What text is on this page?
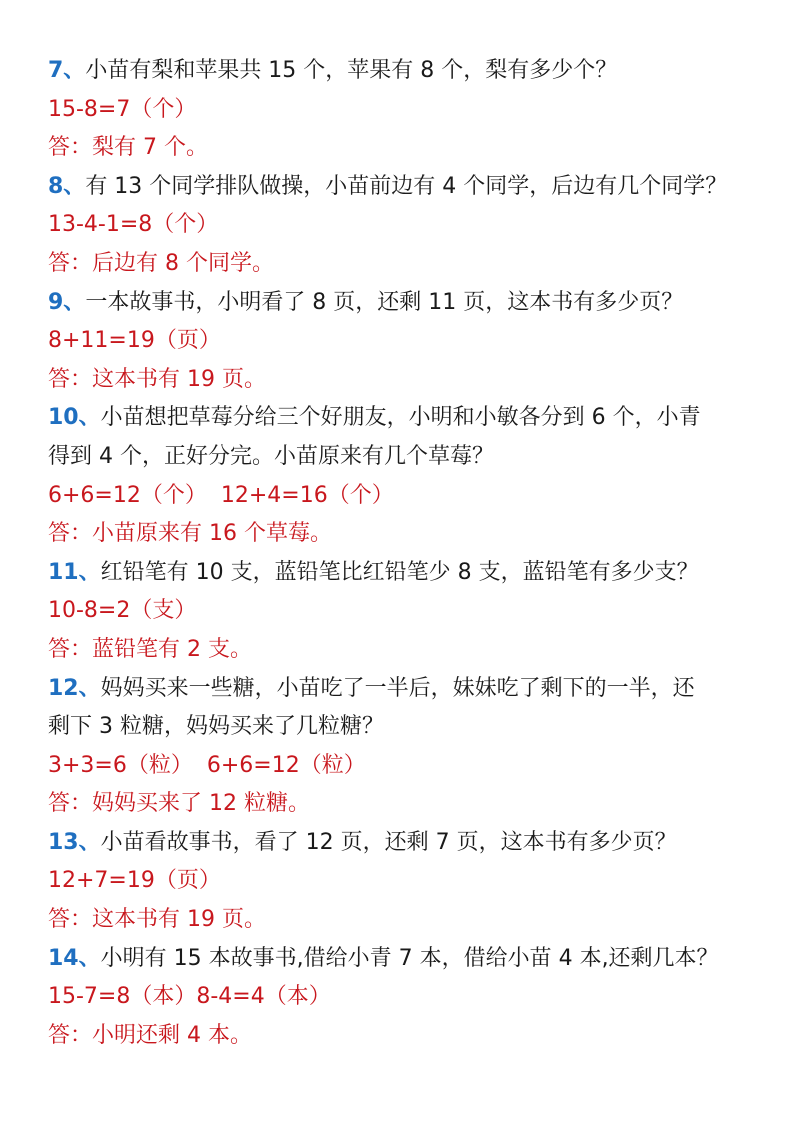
7、小苗有梨和苹果共 15 个，苹果有 8 个，梨有多少个？
15-8=7（个）
答：梨有 7 个。
8、有 13 个同学排队做操，小苗前边有 4 个同学，后边有几个同学？
13-4-1=8（个）
答：后边有 8 个同学。
9、一本故事书，小明看了 8 页，还剩 11 页，这本书有多少页？
8+11=19（页）
答：这本书有 19 页。
10、小苗想把草莓分给三个好朋友，小明和小敏各分到 6 个，小青
得到 4 个，正好分完。小苗原来有几个草莓？
6+6=12（个）  12+4=16（个）
答：小苗原来有 16 个草莓。
11、红铅笔有 10 支，蓝铅笔比红铅笔少 8 支，蓝铅笔有多少支？
10-8=2（支）
答：蓝铅笔有 2 支。
12、妈妈买来一些糖，小苗吃了一半后，妹妹吃了剩下的一半，还
剩下 3 粒糖，妈妈买来了几粒糖？
3+3=6（粒）  6+6=12（粒）
答：妈妈买来了 12 粒糖。
13、小苗看故事书，看了 12 页，还剩 7 页，这本书有多少页？
12+7=19（页）
答：这本书有 19 页。
14、小明有 15 本故事书,借给小青 7 本，借给小苗 4 本,还剩几本？
15-7=8（本）8-4=4（本）
答：小明还剩 4 本。
